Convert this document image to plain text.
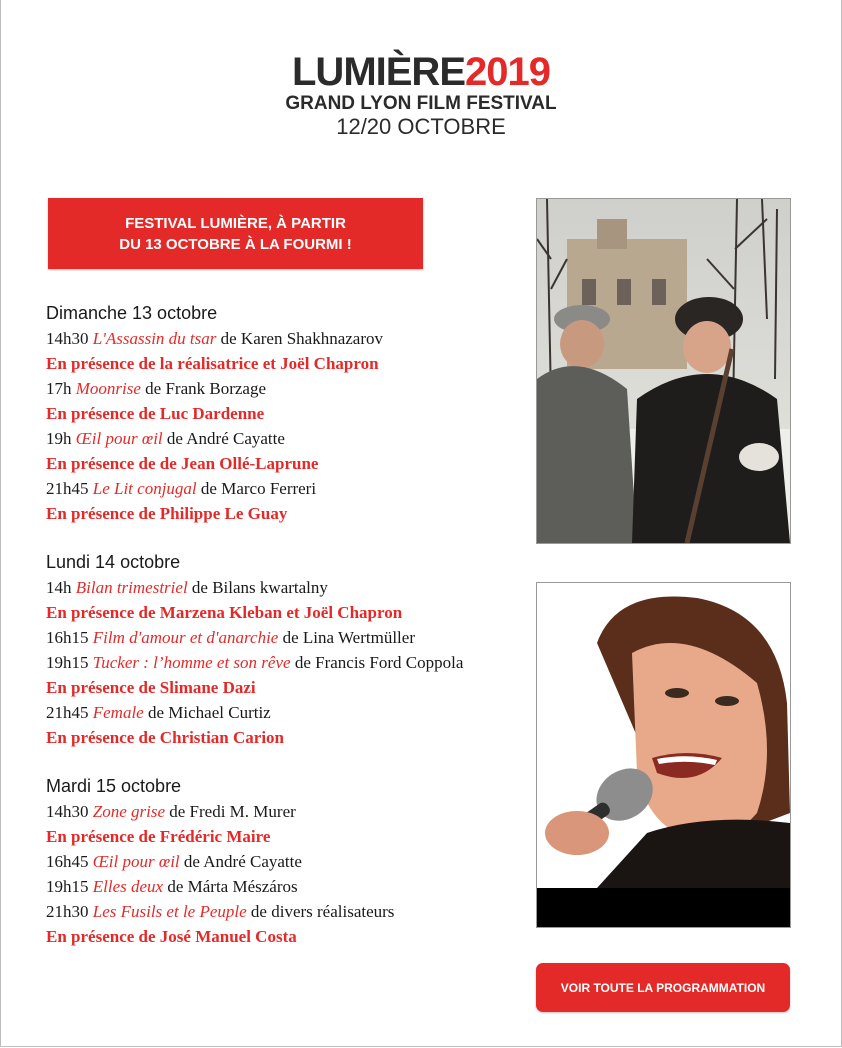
LUMIÈRE2019
GRAND LYON FILM FESTIVAL
12/20 OCTOBRE
FESTIVAL LUMIÈRE, À PARTIR
DU 13 OCTOBRE À LA FOURMI !

Dimanche 13 octobre

14h30 L'Assassin du tsar de Karen Shakhnazarov

En présence de la réalisatrice et Joël Chapron

17h Moonrise de Frank Borzage

En présence de Luc Dardenne

19h Œil pour œil de André Cayatte

En présence de de Jean Ollé-Laprune

21h45 Le Lit conjugal de Marco Ferreri

En présence de Philippe Le Guay

Lundi 14 octobre

14h Bilan trimestriel de Bilans kwartalny

En présence de Marzena Kleban et Joël Chapron

16h15 Film d'amour et d'anarchie de Lina Wertmüller

19h15 Tucker : l’homme et son rêve de Francis Ford Coppola

En présence de Slimane Dazi

21h45 Female de Michael Curtiz

En présence de Christian Carion

Mardi 15 octobre

14h30 Zone grise de Fredi M. Murer

En présence de Frédéric Maire

16h45 Œil pour œil de André Cayatte

19h15 Elles deux de Márta Mészáros

21h30 Les Fusils et le Peuple de divers réalisateurs

En présence de José Manuel Costa

VOIR TOUTE LA PROGRAMMATION
